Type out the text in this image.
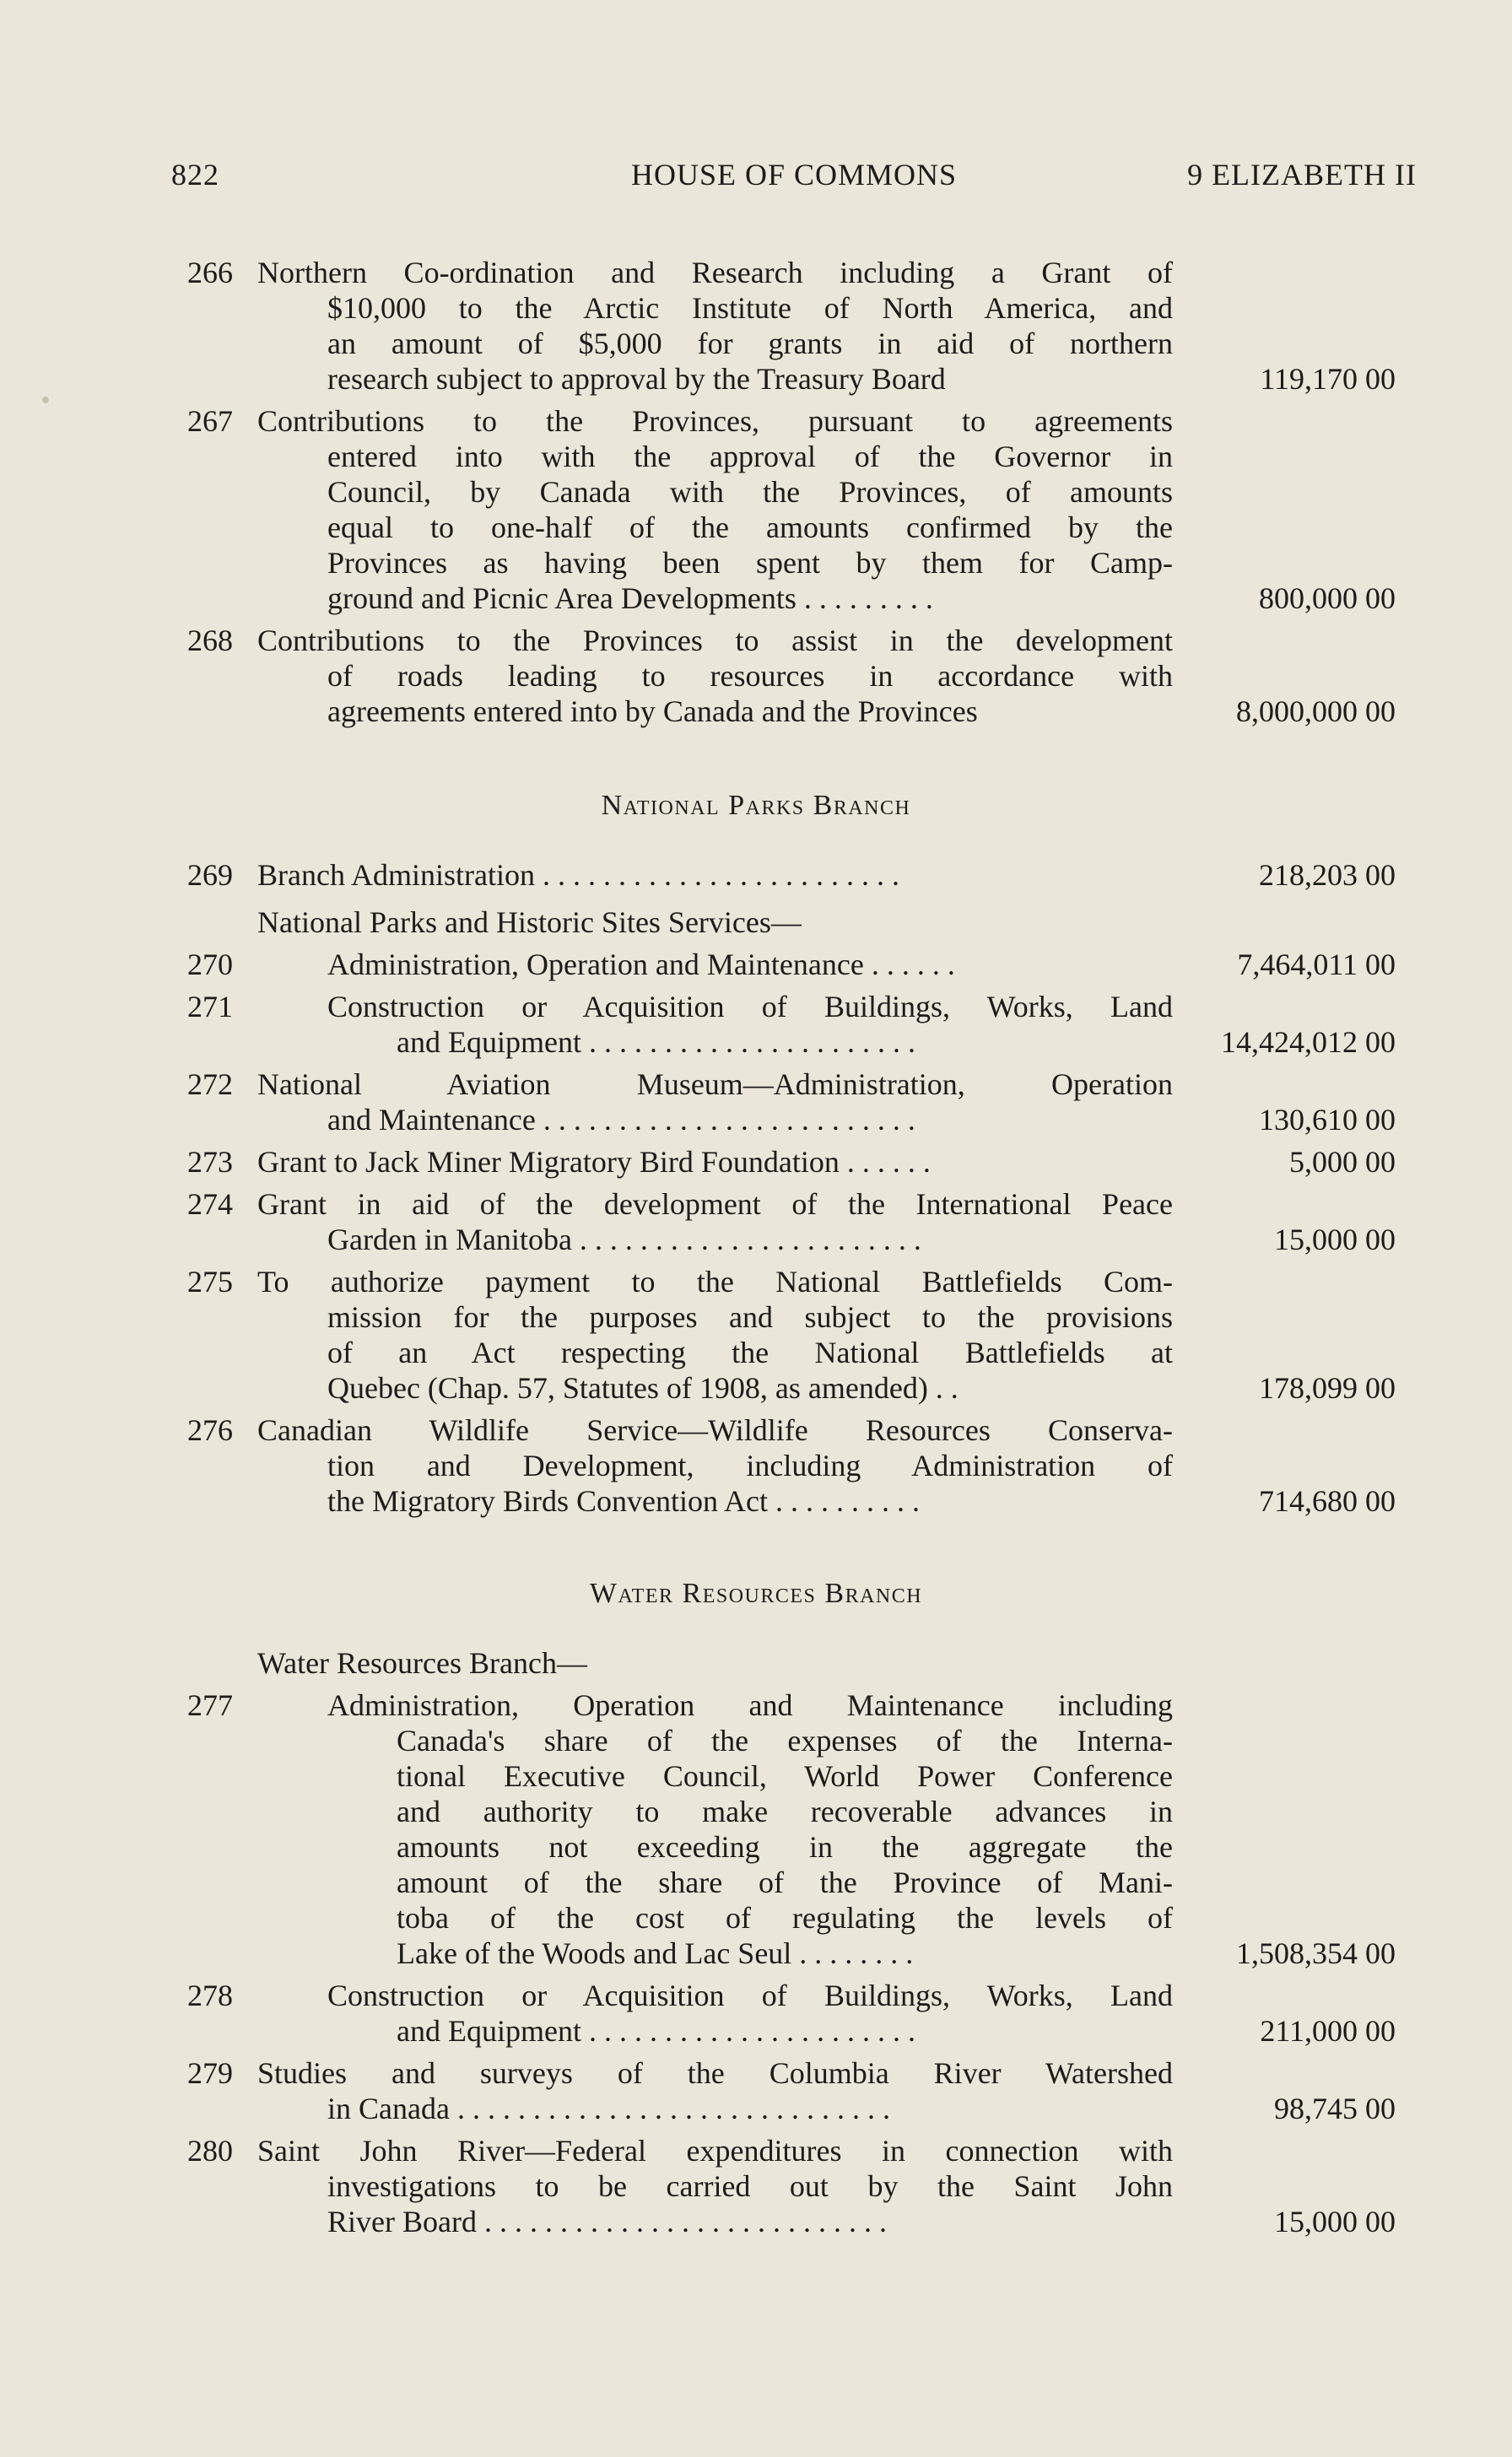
822	HOUSE OF COMMONS	9 ELIZABETH II
266 Northern Co-ordination and Research including a Grant of
$10,000 to the Arctic Institute of North America, and
an amount of $5,000 for grants in aid of northern
research subject to approval by the Treasury Board	119,170 00
267 Contributions to the Provinces, pursuant to agreements
entered into with the approval of the Governor in
Council, by Canada with the Provinces, of amounts
equal to one-half of the amounts confirmed by the
Provinces as having been spent by them for Camp-
ground and Picnic Area Developments . . . . . . . . .	800,000 00
268 Contributions to the Provinces to assist in the development
of roads leading to resources in accordance with
agreements entered into by Canada and the Provinces	8,000,000 00
National Parks Branch
269 Branch Administration . . . . . . . . . . . . . . . . . . . . . . . .	218,203 00
National Parks and Historic Sites Services—
270	Administration, Operation and Maintenance . . . . . .	7,464,011 00
271	Construction or Acquisition of Buildings, Works, Land
and Equipment . . . . . . . . . . . . . . . . . . . . . .	14,424,012 00
272 National Aviation Museum—Administration, Operation
and Maintenance . . . . . . . . . . . . . . . . . . . . . . . . .	130,610 00
273 Grant to Jack Miner Migratory Bird Foundation . . . . . .	5,000 00
274 Grant in aid of the development of the International Peace
Garden in Manitoba . . . . . . . . . . . . . . . . . . . . . . .	15,000 00
275 To authorize payment to the National Battlefields Com-
mission for the purposes and subject to the provisions
of an Act respecting the National Battlefields at
Quebec (Chap. 57, Statutes of 1908, as amended) . .	178,099 00
276 Canadian Wildlife Service—Wildlife Resources Conserva-
tion and Development, including Administration of
the Migratory Birds Convention Act . . . . . . . . . .	714,680 00
Water Resources Branch
Water Resources Branch—
277	Administration, Operation and Maintenance including
Canada's share of the expenses of the Interna-
tional Executive Council, World Power Conference
and authority to make recoverable advances in
amounts not exceeding in the aggregate the
amount of the share of the Province of Mani-
toba of the cost of regulating the levels of
Lake of the Woods and Lac Seul . . . . . . . .	1,508,354 00
278	Construction or Acquisition of Buildings, Works, Land
and Equipment . . . . . . . . . . . . . . . . . . . . . .	211,000 00
279 Studies and surveys of the Columbia River Watershed
in Canada . . . . . . . . . . . . . . . . . . . . . . . . . . . . .	98,745 00
280 Saint John River—Federal expenditures in connection with
investigations to be carried out by the Saint John
River Board . . . . . . . . . . . . . . . . . . . . . . . . . . .	15,000 00
